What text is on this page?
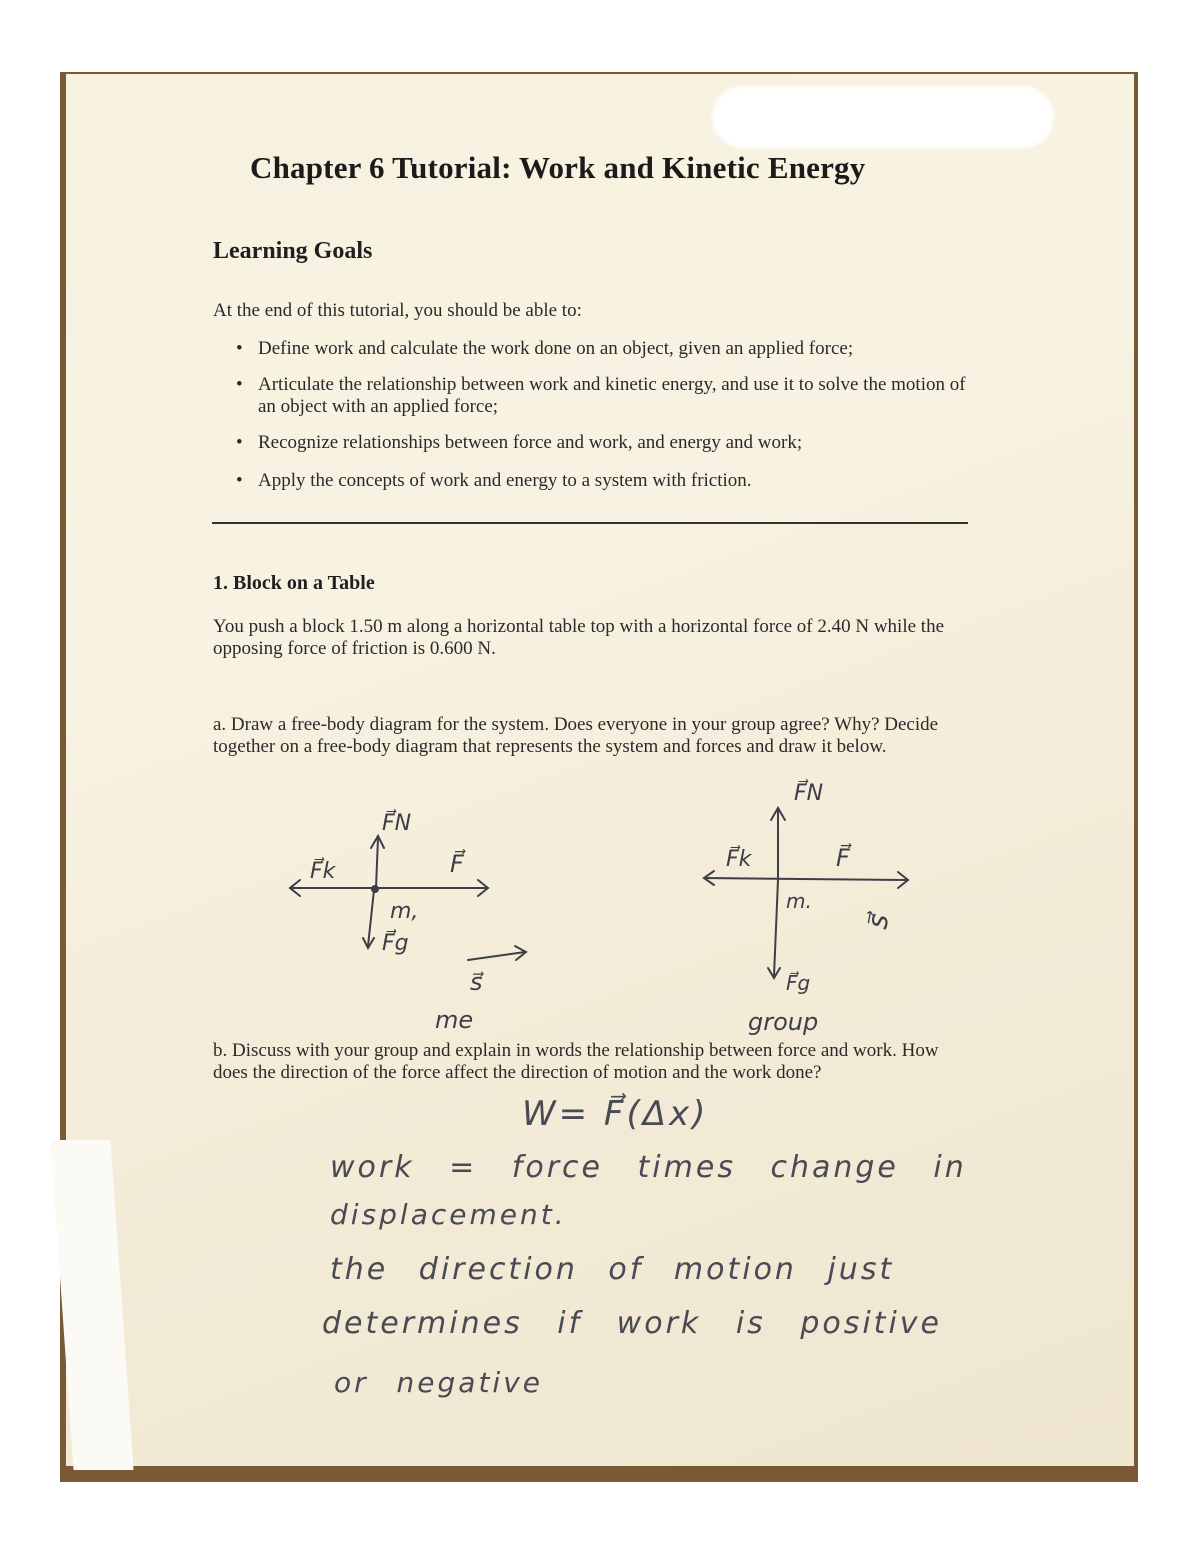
Chapter 6 Tutorial: Work and Kinetic Energy
Learning Goals
At the end of this tutorial, you should be able to:
• Define work and calculate the work done on an object, given an applied force;
• Articulate the relationship between work and kinetic energy, and use it to solve the motion of an object with an applied force;
• Recognize relationships between force and work, and energy and work;
• Apply the concepts of work and energy to a system with friction.
1. Block on a Table
You push a block 1.50 m along a horizontal table top with a horizontal force of 2.40 N while the opposing force of friction is 0.600 N.
a. Draw a free-body diagram for the system. Does everyone in your group agree? Why? Decide together on a free-body diagram that represents the system and forces and draw it below.
F⃗N
F⃗k	F⃗
m,
F⃗g
s⃗
me
F⃗N
F⃗k	F⃗
m.
F⃗g
s⃗
group
b. Discuss with your group and explain in words the relationship between force and work. How does the direction of the force affect the direction of motion and the work done?
W= F⃗(Δx)
work = force times change in
displacement.
the direction of motion just
determines if work is positive
or negative
